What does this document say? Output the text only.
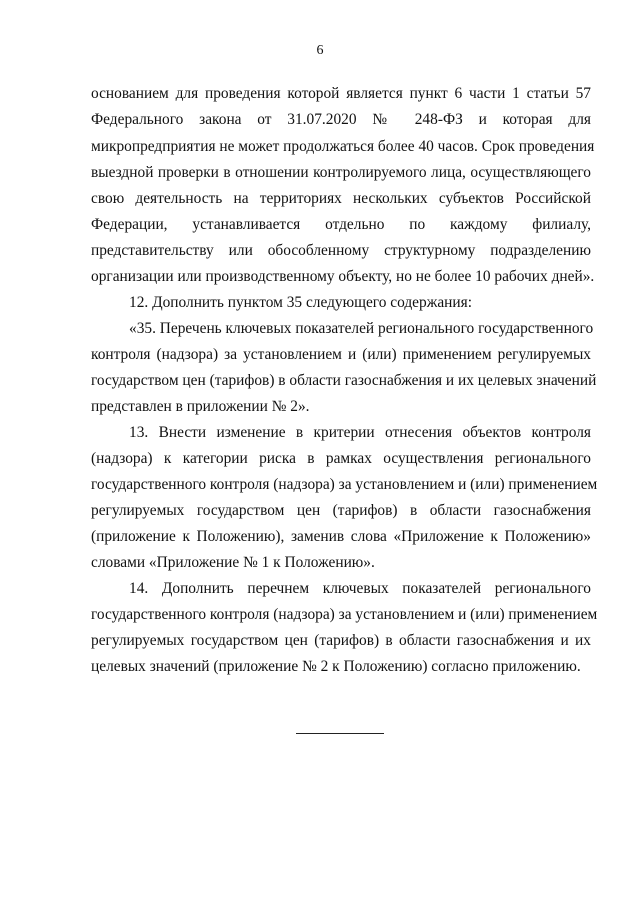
6
основанием для проведения которой является пункт 6 части 1 статьи 57
Федерального закона от 31.07.2020 № 248-ФЗ и которая для
микропредприятия не может продолжаться более 40 часов. Срок проведения
выездной проверки в отношении контролируемого лица, осуществляющего
свою деятельность на территориях нескольких субъектов Российской
Федерации, устанавливается отдельно по каждому филиалу,
представительству или обособленному структурному подразделению
организации или производственному объекту, но не более 10 рабочих дней».
12. Дополнить пунктом 35 следующего содержания:
«35. Перечень ключевых показателей регионального государственного
контроля (надзора) за установлением и (или) применением регулируемых
государством цен (тарифов) в области газоснабжения и их целевых значений
представлен в приложении № 2».
13. Внести изменение в критерии отнесения объектов контроля
(надзора) к категории риска в рамках осуществления регионального
государственного контроля (надзора) за установлением и (или) применением
регулируемых государством цен (тарифов) в области газоснабжения
(приложение к Положению), заменив слова «Приложение к Положению»
словами «Приложение № 1 к Положению».
14. Дополнить перечнем ключевых показателей регионального
государственного контроля (надзора) за установлением и (или) применением
регулируемых государством цен (тарифов) в области газоснабжения и их
целевых значений (приложение № 2 к Положению) согласно приложению.
